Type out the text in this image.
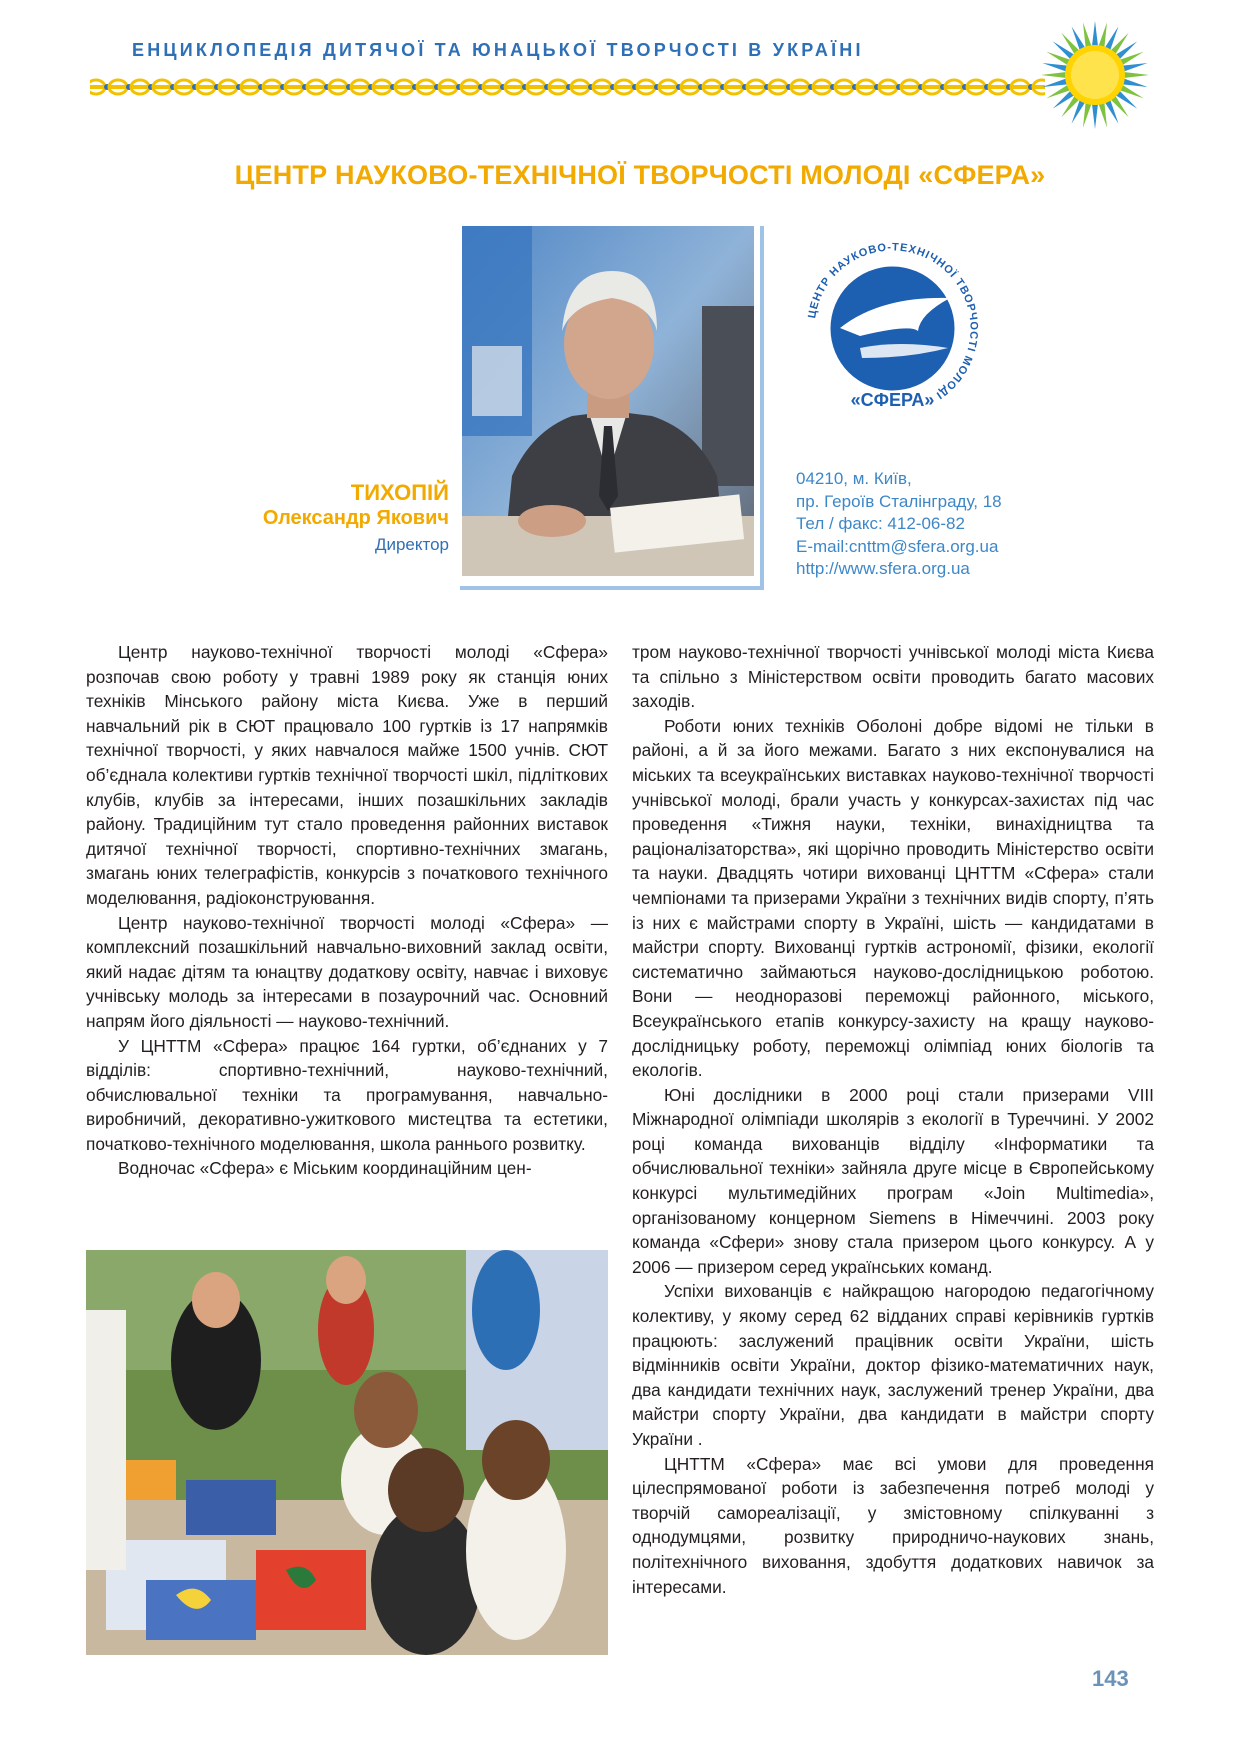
ЕНЦИКЛОПЕДІЯ ДИТЯЧОЇ ТА ЮНАЦЬКОЇ ТВОРЧОСТІ В УКРАЇНІ
ЦЕНТР НАУКОВО-ТЕХНІЧНОЇ ТВОРЧОСТІ МОЛОДІ «СФЕРА»
ТИХОПІЙ
Олександр Якович
Директор
ЦЕНТР НАУКОВО-ТЕХНІЧНОЇ ТВОРЧОСТІ МОЛОДІ
«СФЕРА»
04210, м. Київ,
пр. Героїв Сталінграду, 18
Тел / факс: 412-06-82
E-mail:cnttm@sfera.org.ua
http://www.sfera.org.ua

Центр науково-технічної творчості молоді «Сфера» розпочав свою роботу у травні 1989 року як станція юних техніків Мінського району міста Києва. Уже в перший навчальний рік в СЮТ працювало 100 гуртків із 17 напрямків технічної творчості, у яких навчалося майже 1500 учнів. СЮТ об’єднала колективи гуртків технічної творчості шкіл, підліткових клубів, клубів за інтересами, інших позашкільних закладів району. Традиційним тут стало проведення районних виставок дитячої технічної творчості, спортивно-технічних змагань, змагань юних телеграфістів, конкурсів з початкового технічного моделювання, радіоконструювання.

Центр науково-технічної творчості молоді «Сфера» — комплексний позашкільний навчально-виховний заклад освіти, який надає дітям та юнацтву додаткову освіту, навчає і виховує учнівську молодь за інтересами в позаурочний час. Основний напрям його діяльності — науково-технічний.

У ЦНТТМ «Сфера» працює 164 гуртки, об’єднаних у 7 відділів: спортивно-технічний, науково-технічний, обчислювальної техніки та програмування, навчально-виробничий, декоративно-ужиткового мистецтва та естетики, початково-технічного моделювання, школа раннього розвитку.

Водночас «Сфера» є Міським координаційним цен-

тром науково-технічної творчості учнівської молоді міста Києва та спільно з Міністерством освіти проводить багато масових заходів.

Роботи юних техніків Оболоні добре відомі не тільки в районі, а й за його межами. Багато з них експонувалися на міських та всеукраїнських виставках науково-технічної творчості учнівської молоді, брали участь у конкурсах-захистах під час проведення «Тижня науки, техніки, винахідництва та раціоналізаторства», які щорічно проводить Міністерство освіти та науки. Двадцять чотири вихованці ЦНТТМ «Сфера» стали чемпіонами та призерами України з технічних видів спорту, п’ять із них є майстрами спорту в Україні, шість — кандидатами в майстри спорту. Вихованці гуртків астрономії, фізики, екології систематично займаються науково-дослідницькою роботою. Вони — неодноразові переможці районного, міського, Всеукраїнського етапів конкурсу-захисту на кращу науково-дослідницьку роботу, переможці олімпіад юних біологів та екологів.

Юні дослідники в 2000 році стали призерами VIII Міжнародної олімпіади школярів з екології в Туреччині. У 2002 році команда вихованців відділу «Інформатики та обчислювальної техніки» зайняла друге місце в Європейському конкурсі мультимедійних програм «Join Multimedia», організованому концерном Siemens в Німеччині. 2003 року команда «Сфери» знову стала призером цього конкурсу. А у 2006 — призером серед українських команд.

Успіхи вихованців є найкращою нагородою педагогічному колективу, у якому серед 62 відданих справі керівників гуртків працюють: заслужений працівник освіти України, шість відмінників освіти України, доктор фізико-математичних наук, два кандидати технічних наук, заслужений тренер України, два майстри спорту України, два кандидати в майстри спорту України .

ЦНТТМ «Сфера» має всі умови для проведення цілеспрямованої роботи із забезпечення потреб молоді у творчій самореалізації, у змістовному спілкуванні з однодумцями, розвитку природничо-наукових знань, політехнічного виховання, здобуття додаткових навичок за інтересами.

143
